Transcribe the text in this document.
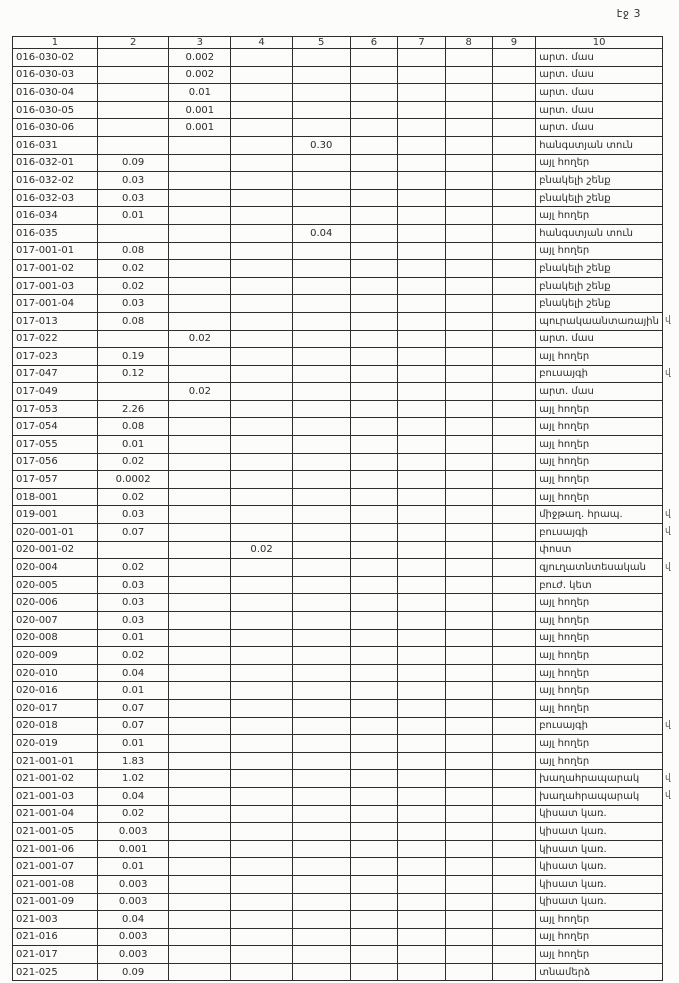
էջ 3
1	2	3	4	5	6	7	8	9	10	
016-030-02		0.002							արտ. մաս	
016-030-03		0.002							արտ. մաս	
016-030-04		0.01							արտ. մաս	
016-030-05		0.001							արտ. մաս	
016-030-06		0.001							արտ. մաս	
016-031				0.30					հանգստյան տուն	
016-032-01	0.09								այլ հողեր	
016-032-02	0.03								բնակելի շենք	
016-032-03	0.03								բնակելի շենք	
016-034	0.01								այլ հողեր	
016-035				0.04					հանգստյան տուն	
017-001-01	0.08								այլ հողեր	
017-001-02	0.02								բնակելի շենք	
017-001-03	0.02								բնակելի շենք	
017-001-04	0.03								բնակելի շենք	
017-013	0.08								պուրակաանտառային	վ
017-022		0.02							արտ. մաս	
017-023	0.19								այլ հողեր	
017-047	0.12								բուսայգի	վ
017-049		0.02							արտ. մաս	
017-053	2.26								այլ հողեր	
017-054	0.08								այլ հողեր	
017-055	0.01								այլ հողեր	
017-056	0.02								այլ հողեր	
017-057	0.0002								այլ հողեր	
018-001	0.02								այլ հողեր	
019-001	0.03								միջթաղ. հրապ.	վ
020-001-01	0.07								բուսայգի	վ
020-001-02			0.02						փոստ	
020-004	0.02								գյուղատնտեսական	վ
020-005	0.03								բուժ. կետ	
020-006	0.03								այլ հողեր	
020-007	0.03								այլ հողեր	
020-008	0.01								այլ հողեր	
020-009	0.02								այլ հողեր	
020-010	0.04								այլ հողեր	
020-016	0.01								այլ հողեր	
020-017	0.07								այլ հողեր	
020-018	0.07								բուսայգի	վ
020-019	0.01								այլ հողեր	
021-001-01	1.83								այլ հողեր	
021-001-02	1.02								խաղահրապարակ	վ
021-001-03	0.04								խաղահրապարակ	վ
021-001-04	0.02								կիսատ կառ.	
021-001-05	0.003								կիսատ կառ.	
021-001-06	0.001								կիսատ կառ.	
021-001-07	0.01								կիսատ կառ.	
021-001-08	0.003								կիսատ կառ.	
021-001-09	0.003								կիսատ կառ.	
021-003	0.04								այլ հողեր	
021-016	0.003								այլ հողեր	
021-017	0.003								այլ հողեր	
021-025	0.09								տնամերձ	
